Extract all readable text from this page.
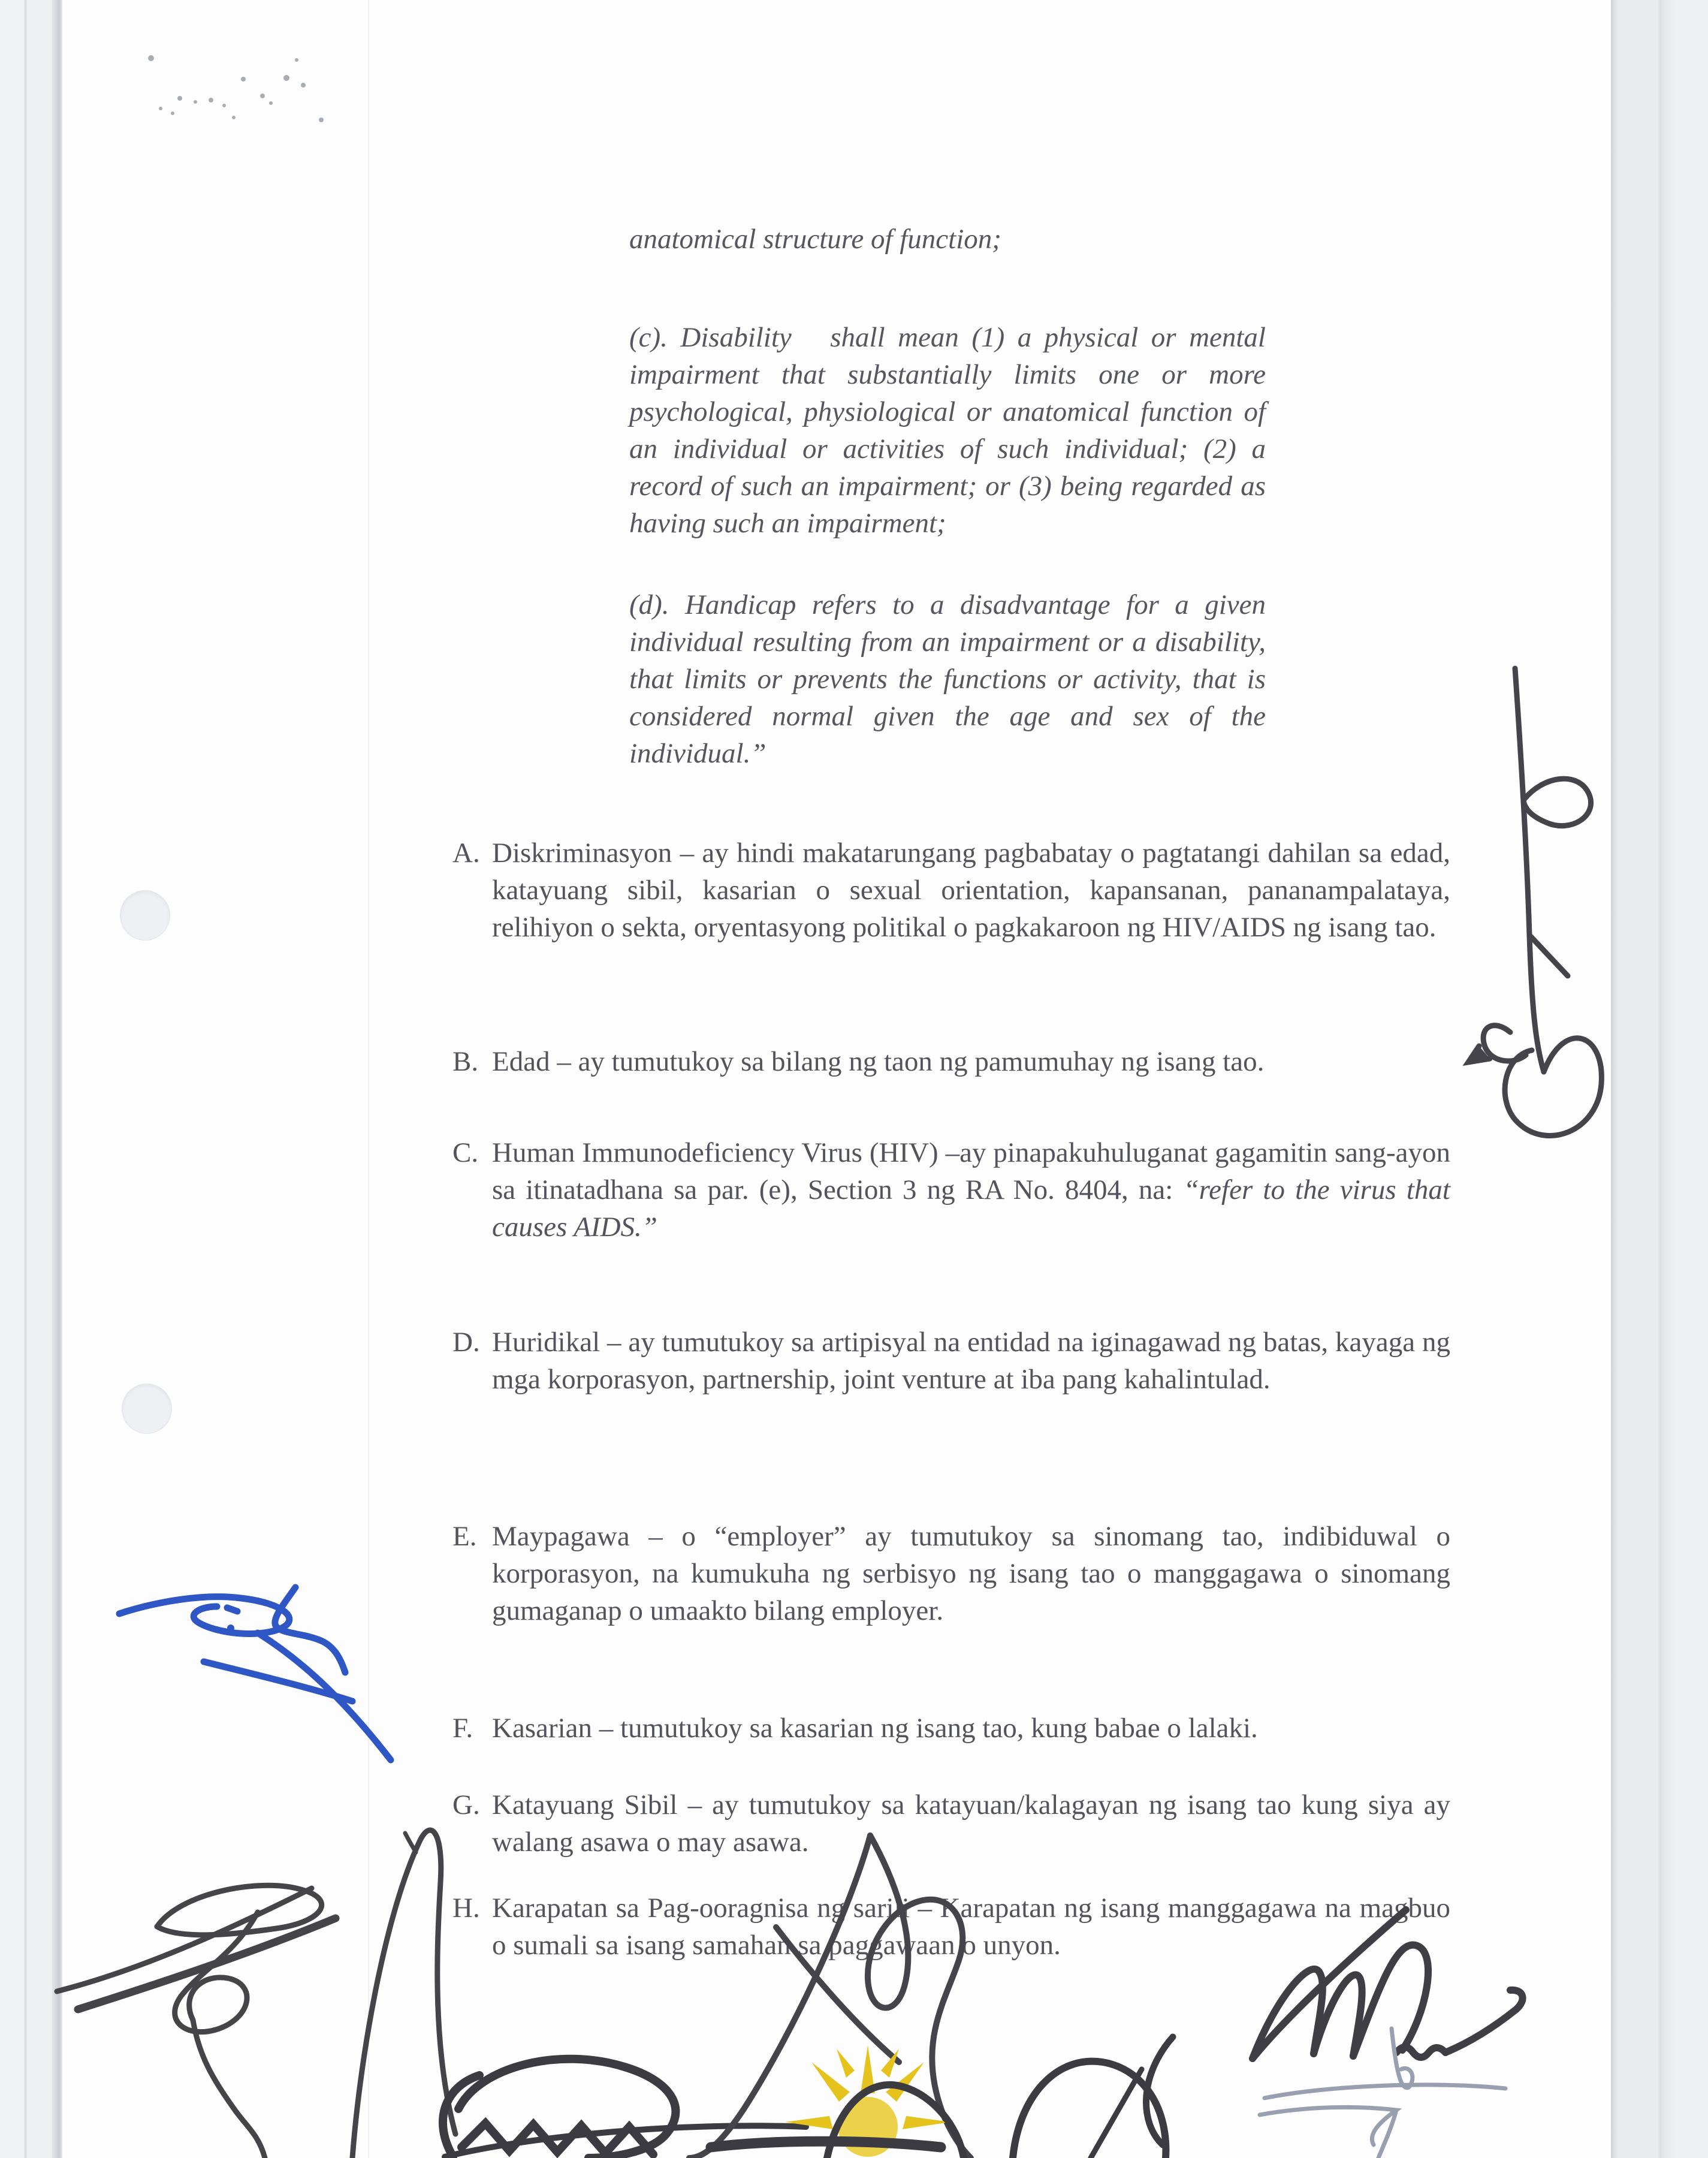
anatomical structure of function;
(c). Disability   shall mean (1) a physical or mental impairment that substantially limits one or more psychological, physiological or anatomical function of an individual or activities of such individual; (2) a record of such an impairment; or (3) being regarded as having such an impairment;
(d). Handicap refers to a disadvantage for a given individual resulting from an impairment or a disability, that limits or prevents the functions or activity, that is considered normal given the age and sex of the individual.”
A. Diskriminasyon – ay hindi makatarungang pagbabatay o pagtatangi dahilan sa edad, katayuang sibil, kasarian o sexual orientation, kapansanan, pananampalataya, relihiyon o sekta, oryentasyong politikal o pagkakaroon ng HIV/AIDS ng isang tao.
B. Edad – ay tumutukoy sa bilang ng taon ng pamumuhay ng isang tao.
C. Human Immunodeficiency Virus (HIV) –ay pinapakuhuluganat gagamitin sang-ayon sa itinatadhana sa par. (e), Section 3 ng RA No. 8404, na: “refer to the virus that causes AIDS.”
D. Huridikal – ay tumutukoy sa artipisyal na entidad na iginagawad ng batas, kayaga ng mga korporasyon, partnership, joint venture at iba pang kahalintulad.
E. Maypagawa – o “employer” ay tumutukoy sa sinomang tao, indibiduwal o korporasyon, na kumukuha ng serbisyo ng isang tao o manggagawa o sinomang gumaganap o umaakto bilang employer.
F. Kasarian – tumutukoy sa kasarian ng isang tao, kung babae o lalaki.
G. Katayuang Sibil – ay tumutukoy sa katayuan/kalagayan ng isang tao kung siya ay walang asawa o may asawa.
H. Karapatan sa Pag-ooragnisa ng sarili – Karapatan ng isang manggagawa na magbuo o sumali sa isang samahan sa paggawaan o unyon.
